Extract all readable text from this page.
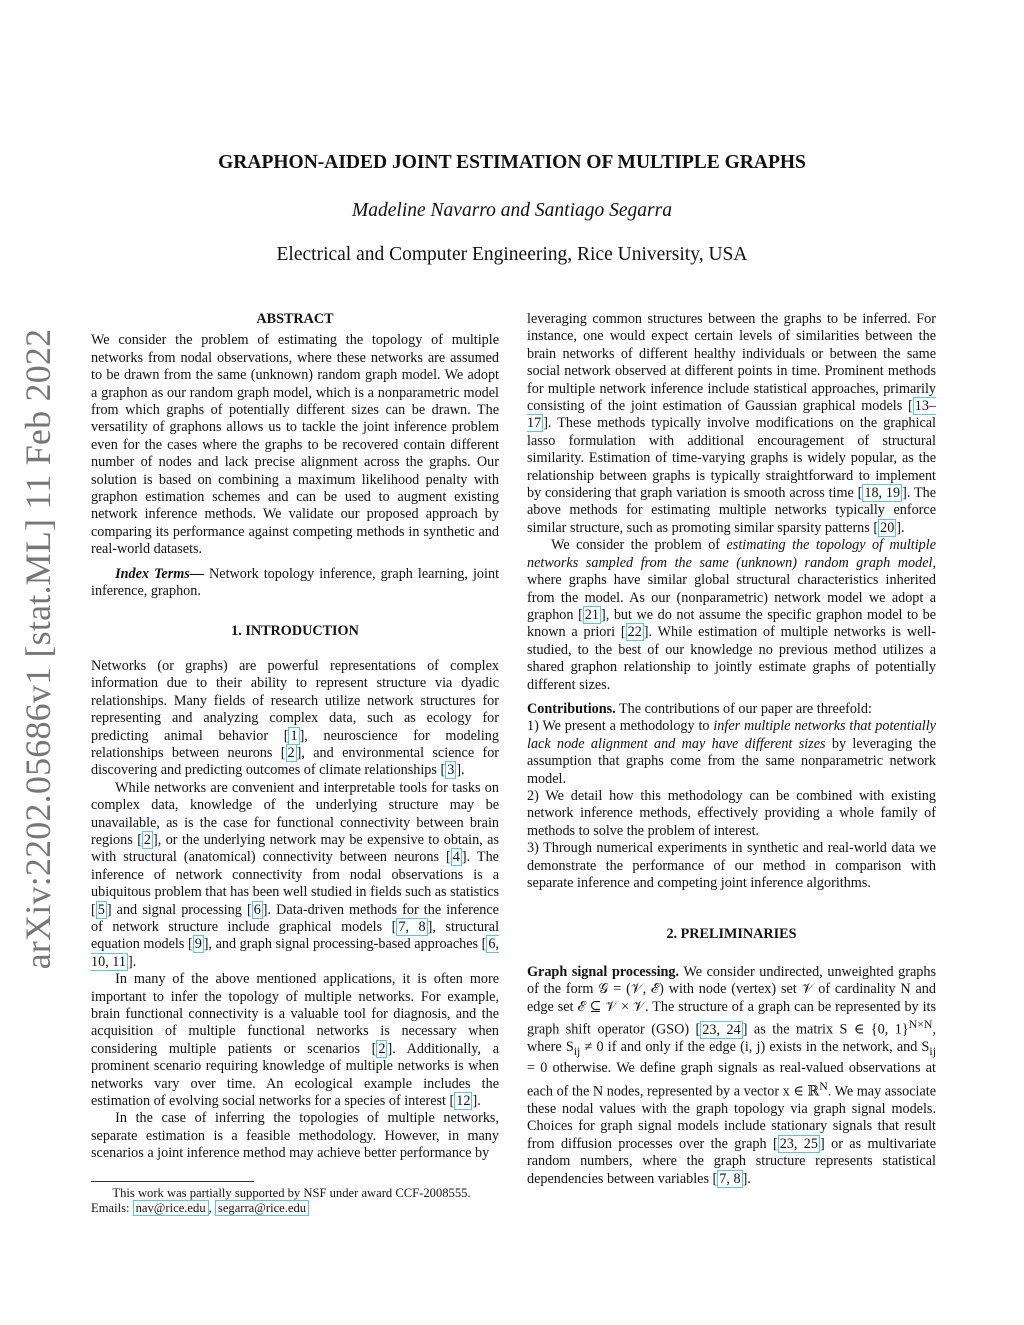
arXiv:2202.05686v1 [stat.ML] 11 Feb 2022
GRAPHON-AIDED JOINT ESTIMATION OF MULTIPLE GRAPHS
Madeline Navarro and Santiago Segarra
Electrical and Computer Engineering, Rice University, USA
ABSTRACT

We consider the problem of estimating the topology of multiple networks from nodal observations, where these networks are assumed to be drawn from the same (unknown) random graph model. We adopt a graphon as our random graph model, which is a nonparametric model from which graphs of potentially different sizes can be drawn. The versatility of graphons allows us to tackle the joint inference problem even for the cases where the graphs to be recovered contain different number of nodes and lack precise alignment across the graphs. Our solution is based on combining a maximum likelihood penalty with graphon estimation schemes and can be used to augment existing network inference methods. We validate our proposed approach by comparing its performance against competing methods in synthetic and real-world datasets.

Index Terms— Network topology inference, graph learning, joint inference, graphon.

1. INTRODUCTION

Networks (or graphs) are powerful representations of complex information due to their ability to represent structure via dyadic relationships. Many fields of research utilize network structures for representing and analyzing complex data, such as ecology for predicting animal behavior [ 1 ], neuroscience for modeling relationships between neurons [ 2 ], and environmental science for discovering and predicting outcomes of climate relationships [ 3 ].

While networks are convenient and interpretable tools for tasks on complex data, knowledge of the underlying structure may be unavailable, as is the case for functional connectivity between brain regions [ 2 ], or the underlying network may be expensive to obtain, as with structural (anatomical) connectivity between neurons [ 4 ]. The inference of network connectivity from nodal observations is a ubiquitous problem that has been well studied in fields such as statistics [ 5 ] and signal processing [ 6 ]. Data-driven methods for the inference of network structure include graphical models [ 7, 8 ], structural equation models [ 9 ], and graph signal processing-based approaches [ 6, 10, 11 ].

In many of the above mentioned applications, it is often more important to infer the topology of multiple networks. For example, brain functional connectivity is a valuable tool for diagnosis, and the acquisition of multiple functional networks is necessary when considering multiple patients or scenarios [ 2 ]. Additionally, a prominent scenario requiring knowledge of multiple networks is when networks vary over time. An ecological example includes the estimation of evolving social networks for a species of interest [ 12 ].

In the case of inferring the topologies of multiple networks, separate estimation is a feasible methodology. However, in many scenarios a joint inference method may achieve better performance by

This work was partially supported by NSF under award CCF-2008555.
Emails: nav@rice.edu , segarra@rice.edu

leveraging common structures between the graphs to be inferred. For instance, one would expect certain levels of similarities between the brain networks of different healthy individuals or between the same social network observed at different points in time. Prominent methods for multiple network inference include statistical approaches, primarily consisting of the joint estimation of Gaussian graphical models [ 13–17 ]. These methods typically involve modifications on the graphical lasso formulation with additional encouragement of structural similarity. Estimation of time-varying graphs is widely popular, as the relationship between graphs is typically straightforward to implement by considering that graph variation is smooth across time [ 18, 19 ]. The above methods for estimating multiple networks typically enforce similar structure, such as promoting similar sparsity patterns [ 20 ].

We consider the problem of estimating the topology of multiple networks sampled from the same (unknown) random graph model, where graphs have similar global structural characteristics inherited from the model. As our (nonparametric) network model we adopt a graphon [ 21 ], but we do not assume the specific graphon model to be known a priori [ 22 ]. While estimation of multiple networks is well-studied, to the best of our knowledge no previous method utilizes a shared graphon relationship to jointly estimate graphs of potentially different sizes.

Contributions. The contributions of our paper are threefold:

1) We present a methodology to infer multiple networks that potentially lack node alignment and may have different sizes by leveraging the assumption that graphs come from the same nonparametric network model.

2) We detail how this methodology can be combined with existing network inference methods, effectively providing a whole family of methods to solve the problem of interest.

3) Through numerical experiments in synthetic and real-world data we demonstrate the performance of our method in comparison with separate inference and competing joint inference algorithms.

2. PRELIMINARIES

Graph signal processing. We consider undirected, unweighted graphs of the form 𝒢 = (𝒱, ℰ) with node (vertex) set 𝒱 of cardinality N and edge set ℰ ⊆ 𝒱 × 𝒱. The structure of a graph can be represented by its graph shift operator (GSO) [ 23, 24 ] as the matrix S ∈ {0, 1}$^{N\times N}$, where $S_{ij} \ne 0$ if and only if the edge (i, j) exists in the network, and $S_{ij} = 0$ otherwise. We define graph signals as real-valued observations at each of the N nodes, represented by a vector x ∈ ℝ$^N$. We may associate these nodal values with the graph topology via graph signal models. Choices for graph signal models include stationary signals that result from diffusion processes over the graph [ 23, 25 ] or as multivariate random numbers, where the graph structure represents statistical dependencies between variables [ 7, 8 ].
